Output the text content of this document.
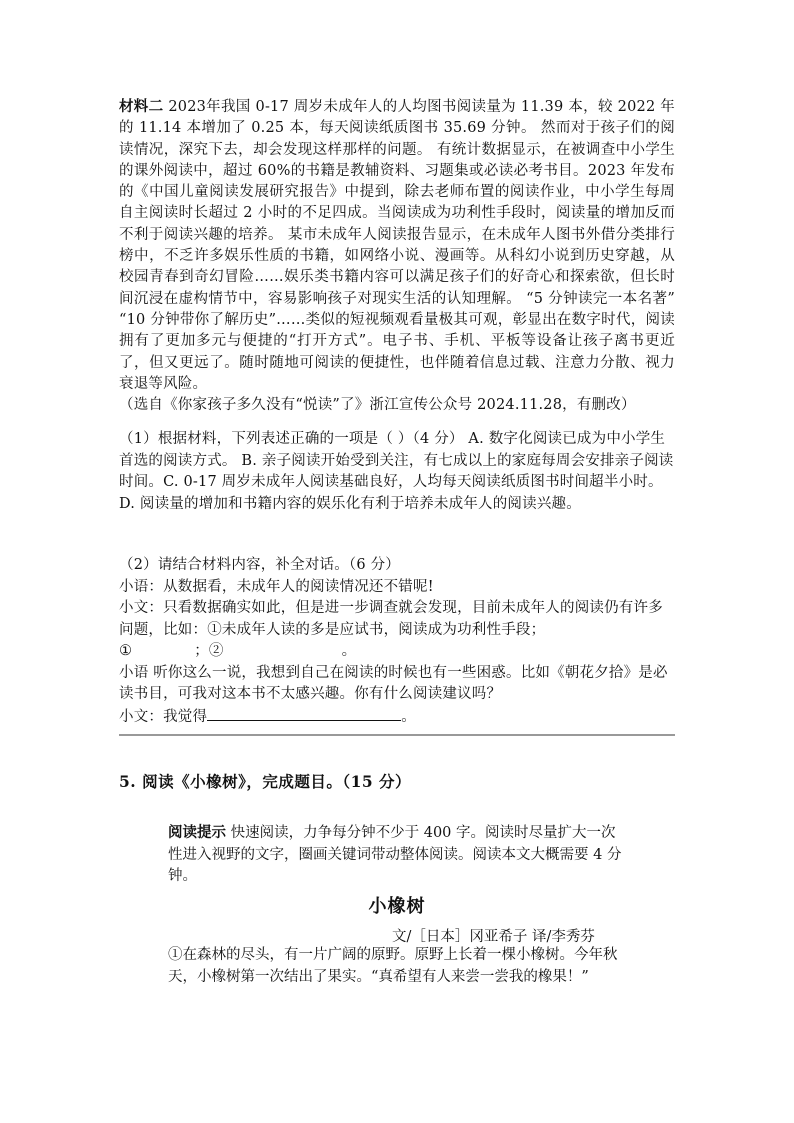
材料二 2023年我国 0-17 周岁未成年人的人均图书阅读量为 11.39 本，较 2022 年的 11.14 本增加了 0.25 本，每天阅读纸质图书 35.69 分钟。 然而对于孩子们的阅读情况，深究下去，却会发现这样那样的问题。 有统计数据显示，在被调查中小学生的课外阅读中，超过 60%的书籍是教辅资料、习题集或必读必考书目。2023 年发布的《中国儿童阅读发展研究报告》中提到，除去老师布置的阅读作业，中小学生每周自主阅读时长超过 2 小时的不足四成。当阅读成为功利性手段时，阅读量的增加反而不利于阅读兴趣的培养。 某市未成年人阅读报告显示，在未成年人图书外借分类排行榜中，不乏许多娱乐性质的书籍，如网络小说、漫画等。从科幻小说到历史穿越，从校园青春到奇幻冒险……娱乐类书籍内容可以满足孩子们的好奇心和探索欲，但长时间沉浸在虚构情节中，容易影响孩子对现实生活的认知理解。 “5 分钟读完一本名著” “10 分钟带你了解历史”……类似的短视频观看量极其可观，彰显出在数字时代，阅读拥有了更加多元与便捷的“打开方式”。电子书、手机、平板等设备让孩子离书更近了，但又更远了。随时随地可阅读的便捷性，也伴随着信息过载、注意力分散、视力衰退等风险。
（选自《你家孩子多久没有“悦读”了》浙江宣传公众号 2024.11.28，有删改）
（1）根据材料，下列表述正确的一项是（ ）（4 分） A. 数字化阅读已成为中小学生首选的阅读方式。 B. 亲子阅读开始受到关注，有七成以上的家庭每周会安排亲子阅读时间。C. 0-17 周岁未成年人阅读基础良好，人均每天阅读纸质图书时间超半小时。 D. 阅读量的增加和书籍内容的娱乐化有利于培养未成年人的阅读兴趣。
（2）请结合材料内容，补全对话。（6 分）
小语：从数据看，未成年人的阅读情况还不错呢!
小文：只看数据确实如此，但是进一步调查就会发现，目前未成年人的阅读仍有许多问题，比如：①未成年人读的多是应试书，阅读成为功利性手段；
①	；②	。
小语 听你这么一说，我想到自己在阅读的时候也有一些困惑。比如《朝花夕拾》是必读书目，可我对这本书不太感兴趣。你有什么阅读建议吗？
小文：我觉得	。
5. 阅读《小橡树》，完成题目。（15 分）
阅读提示 快速阅读，力争每分钟不少于 400 字。阅读时尽量扩大一次性进入视野的文字，圈画关键词带动整体阅读。阅读本文大概需要 4 分钟。
小橡树
文/［日本］冈亚希子 译/李秀芬
①在森林的尽头，有一片广阔的原野。原野上长着一棵小橡树。今年秋天，小橡树第一次结出了果实。“真希望有人来尝一尝我的橡果！”
